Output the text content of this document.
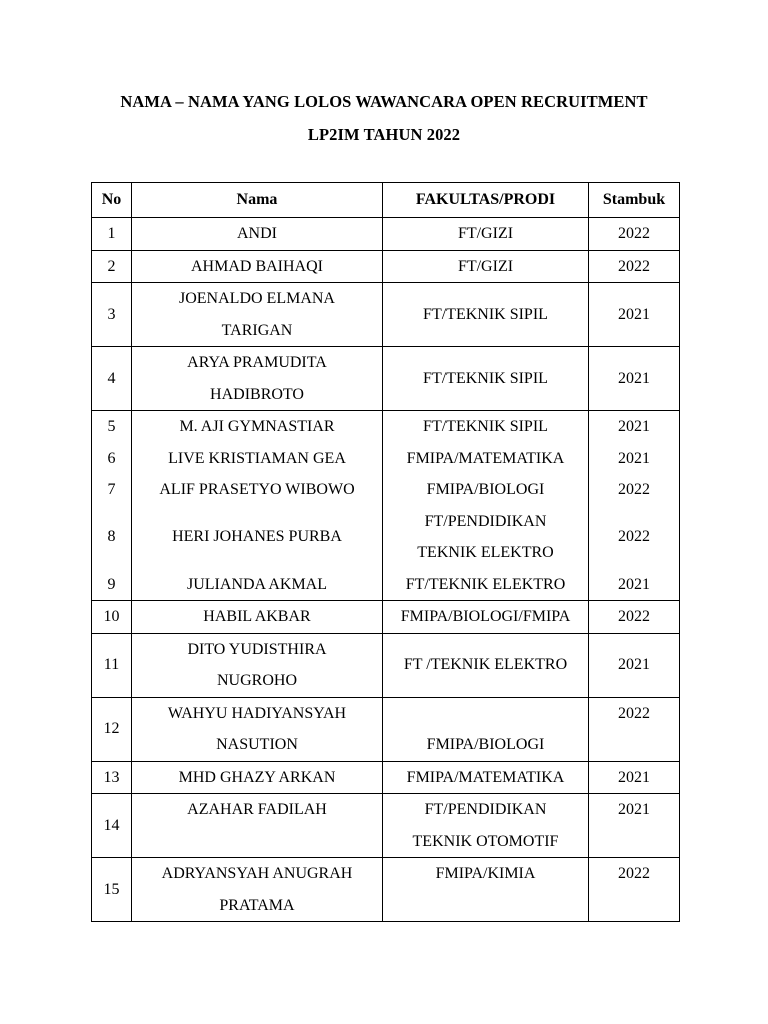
NAMA – NAMA YANG LOLOS WAWANCARA OPEN RECRUITMENT
LP2IM TAHUN 2022
No	Nama	FAKULTAS/PRODI	Stambuk
1	ANDI	FT/GIZI	2022
2	AHMAD BAIHAQI	FT/GIZI	2022
3	JOENALDO ELMANA
TARIGAN	FT/TEKNIK SIPIL	2021
4	ARYA PRAMUDITA
HADIBROTO	FT/TEKNIK SIPIL	2021
5	M. AJI GYMNASTIAR	FT/TEKNIK SIPIL	2021
6	LIVE KRISTIAMAN GEA	FMIPA/MATEMATIKA	2021
7	ALIF PRASETYO WIBOWO	FMIPA/BIOLOGI	2022
8	HERI JOHANES PURBA	FT/PENDIDIKAN
TEKNIK ELEKTRO	2022
9	JULIANDA AKMAL	FT/TEKNIK ELEKTRO	2021
10	HABIL AKBAR	FMIPA/BIOLOGI/FMIPA	2022
11	DITO YUDISTHIRA
NUGROHO	FT /TEKNIK ELEKTRO	2021
12	WAHYU HADIYANSYAH
NASUTION	FMIPA/BIOLOGI	2022
13	MHD GHAZY ARKAN	FMIPA/MATEMATIKA	2021
14	AZAHAR FADILAH	FT/PENDIDIKAN
TEKNIK OTOMOTIF	2021
15	ADRYANSYAH ANUGRAH
PRATAMA	FMIPA/KIMIA	2022
